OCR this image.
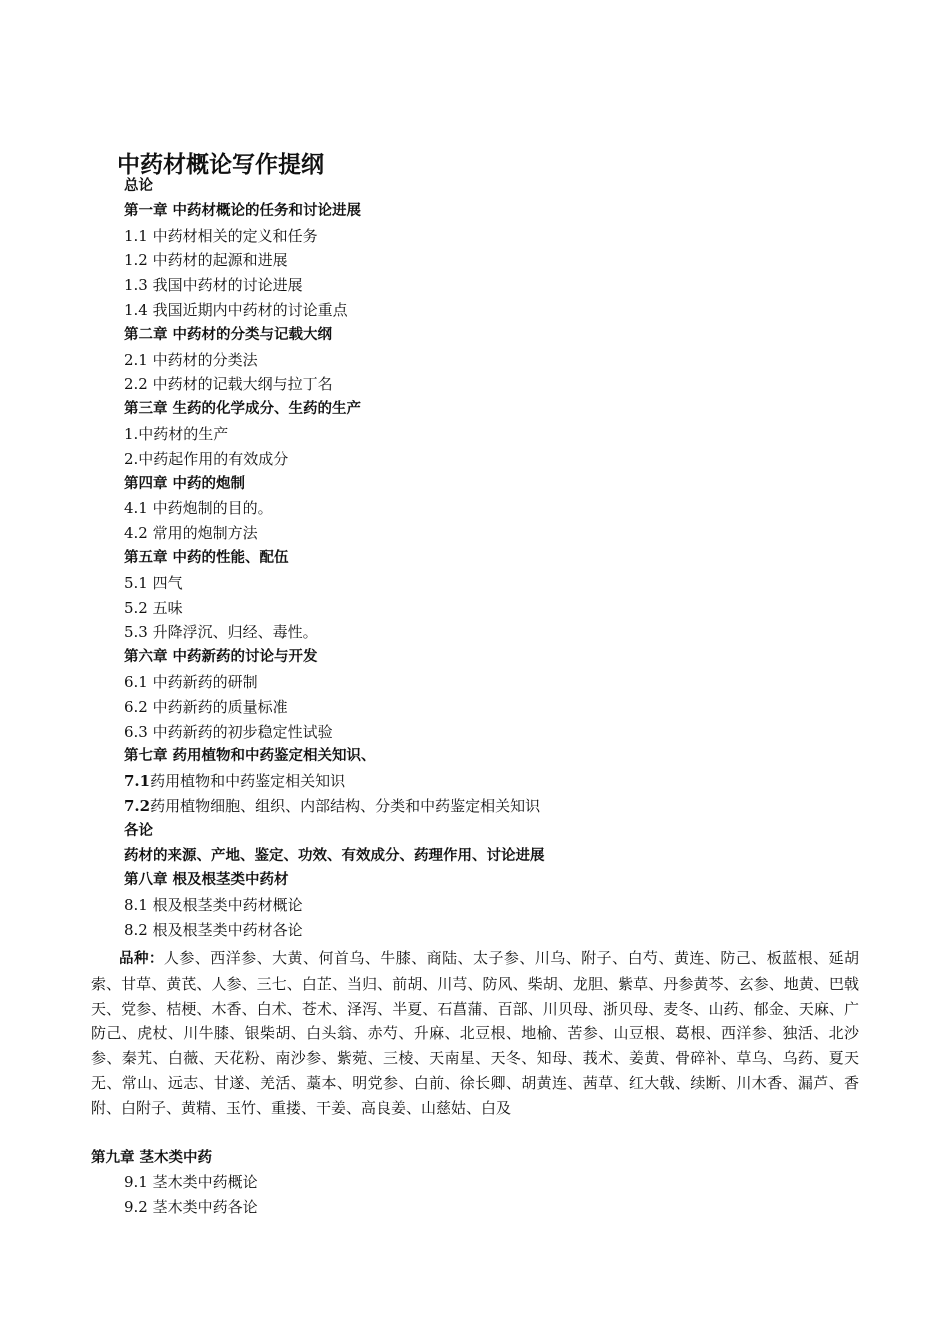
中药材概论写作提纲
总论
第一章 中药材概论的任务和讨论进展
1.1 中药材相关的定义和任务
1.2 中药材的起源和进展
1.3 我国中药材的讨论进展
1.4 我国近期内中药材的讨论重点
第二章 中药材的分类与记载大纲
2.1 中药材的分类法
2.2 中药材的记载大纲与拉丁名
第三章 生药的化学成分、生药的生产
1.中药材的生产
2.中药起作用的有效成分
第四章 中药的炮制
4.1 中药炮制的目的。
4.2 常用的炮制方法
第五章 中药的性能、配伍
5.1 四气
5.2 五味
5.3 升降浮沉、归经、毒性。
第六章 中药新药的讨论与开发
6.1 中药新药的研制
6.2 中药新药的质量标准
6.3 中药新药的初步稳定性试验
第七章 药用植物和中药鉴定相关知识、
7.1药用植物和中药鉴定相关知识
7.2药用植物细胞、组织、内部结构、分类和中药鉴定相关知识
各论
药材的来源、产地、鉴定、功效、有效成分、药理作用、讨论进展
第八章 根及根茎类中药材
8.1 根及根茎类中药材概论
8.2 根及根茎类中药材各论
品种：人参、西洋参、大黄、何首乌、牛膝、商陆、太子参、川乌、附子、白芍、黄连、防己、板蓝根、延胡索、甘草、黄芪、人参、三七、白芷、当归、前胡、川芎、防风、柴胡、龙胆、紫草、丹参黄芩、玄参、地黄、巴戟天、党参、桔梗、木香、白术、苍术、泽泻、半夏、石菖蒲、百部、川贝母、浙贝母、麦冬、山药、郁金、天麻、广防己、虎杖、川牛膝、银柴胡、白头翁、赤芍、升麻、北豆根、地榆、苦参、山豆根、葛根、西洋参、独活、北沙参、秦艽、白薇、天花粉、南沙参、紫菀、三棱、天南星、天冬、知母、莪术、姜黄、骨碎补、草乌、乌药、夏天无、常山、远志、甘遂、羌活、藁本、明党参、白前、徐长卿、胡黄连、茜草、红大戟、续断、川木香、漏芦、香附、白附子、黄精、玉竹、重搂、干姜、高良姜、山慈姑、白及
第九章 茎木类中药
9.1 茎木类中药概论
9.2 茎木类中药各论
